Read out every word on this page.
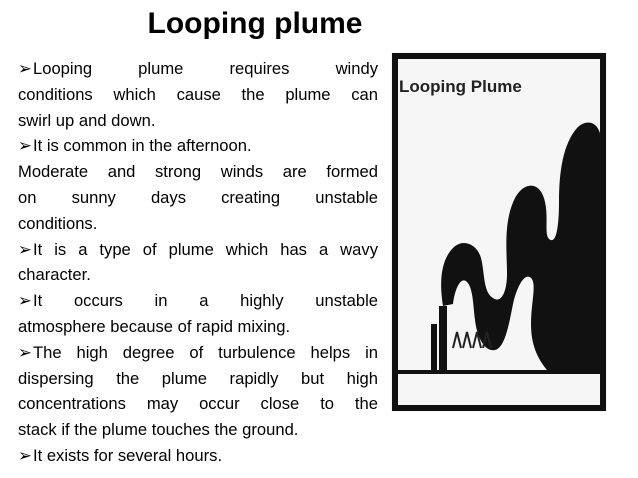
Looping plume
➢Looping plume requires windy
conditions which cause the plume can
swirl up and down.
➢It is common in the afternoon.
Moderate and strong winds are formed
on sunny days creating unstable
conditions.
➢It is a type of plume which has a wavy
character.
➢It occurs in a highly unstable
atmosphere because of rapid mixing.
➢The high degree of turbulence helps in
dispersing the plume rapidly but high
concentrations may occur close to the
stack if the plume touches the ground.
➢It exists for several hours.
Looping Plume
